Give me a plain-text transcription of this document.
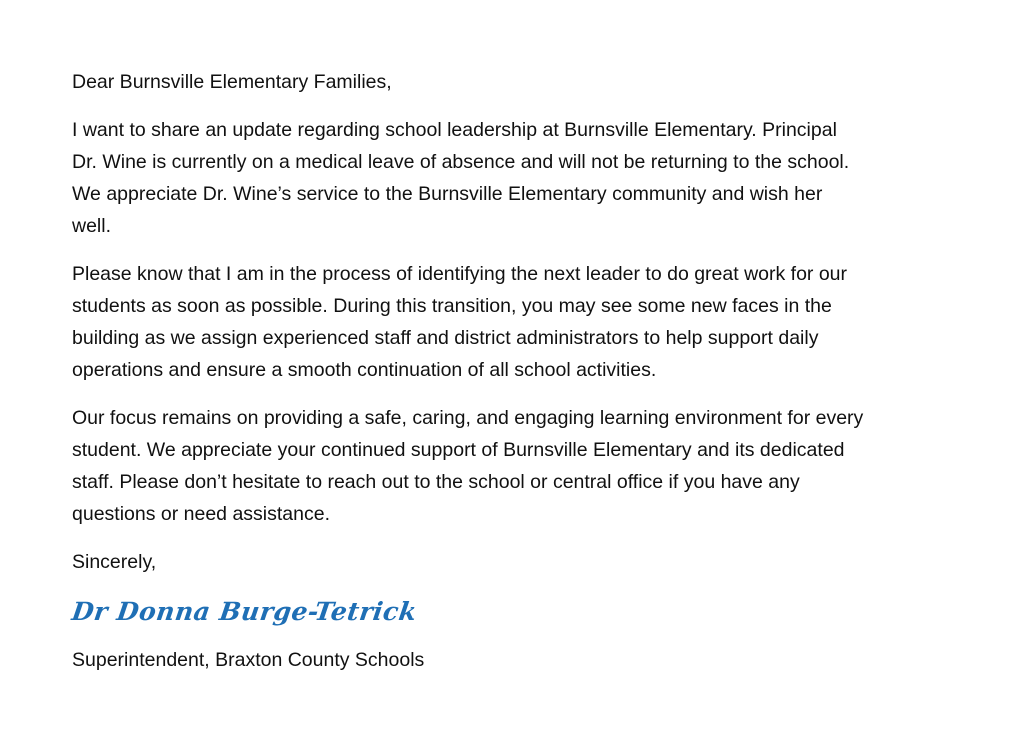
Dear Burnsville Elementary Families,

I want to share an update regarding school leadership at Burnsville Elementary. Principal
Dr. Wine is currently on a medical leave of absence and will not be returning to the school.
We appreciate Dr. Wine’s service to the Burnsville Elementary community and wish her
well.

Please know that I am in the process of identifying the next leader to do great work for our
students as soon as possible. During this transition, you may see some new faces in the
building as we assign experienced staff and district administrators to help support daily
operations and ensure a smooth continuation of all school activities.

Our focus remains on providing a safe, caring, and engaging learning environment for every
student. We appreciate your continued support of Burnsville Elementary and its dedicated
staff. Please don’t hesitate to reach out to the school or central office if you have any
questions or need assistance.

Sincerely,

Dr Donna Burge-Tetrick

Superintendent, Braxton County Schools
